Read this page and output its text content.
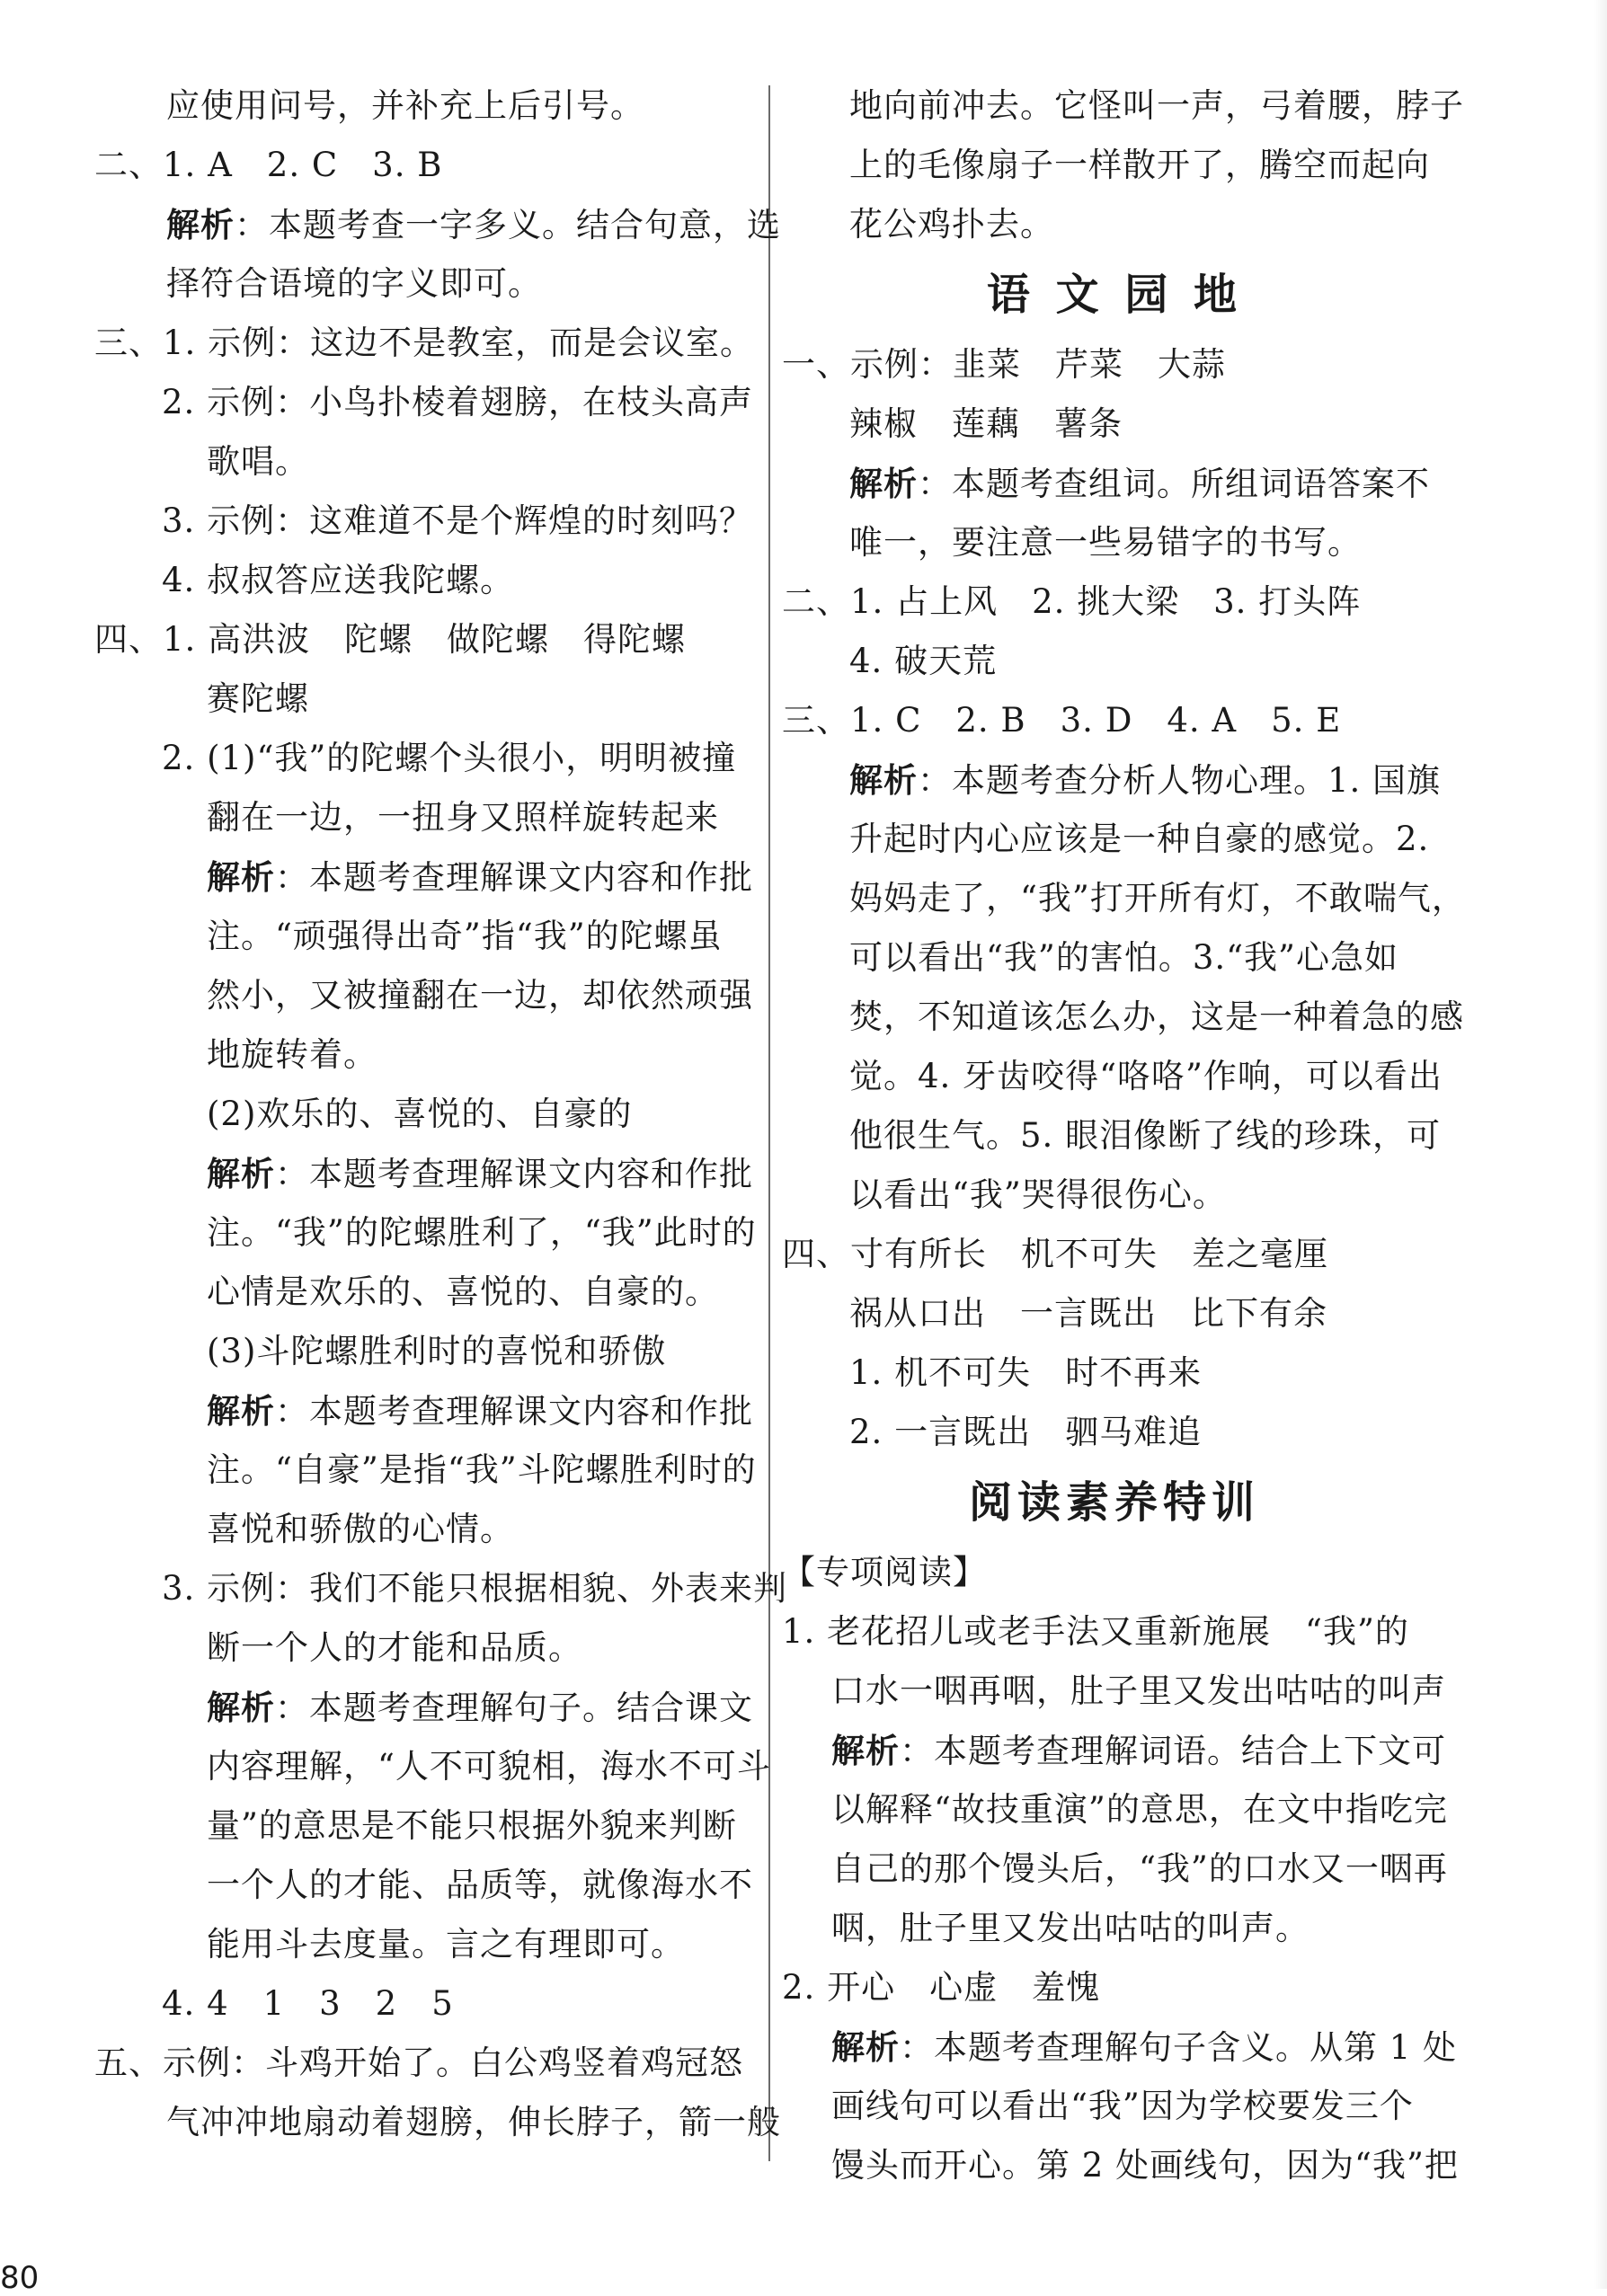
应使用问号，并补充上后引号。
二、1. A　2. C　3. B
解析：本题考查一字多义。结合句意，选
择符合语境的字义即可。
三、1. 示例：这边不是教室，而是会议室。
2. 示例：小鸟扑棱着翅膀，在枝头高声
歌唱。
3. 示例：这难道不是个辉煌的时刻吗？
4. 叔叔答应送我陀螺。
四、1. 高洪波　陀螺　做陀螺　得陀螺
赛陀螺
2. (1)“我”的陀螺个头很小，明明被撞
翻在一边，一扭身又照样旋转起来
解析：本题考查理解课文内容和作批
注。“顽强得出奇”指“我”的陀螺虽
然小，又被撞翻在一边，却依然顽强
地旋转着。
(2)欢乐的、喜悦的、自豪的
解析：本题考查理解课文内容和作批
注。“我”的陀螺胜利了，“我”此时的
心情是欢乐的、喜悦的、自豪的。
(3)斗陀螺胜利时的喜悦和骄傲
解析：本题考查理解课文内容和作批
注。“自豪”是指“我”斗陀螺胜利时的
喜悦和骄傲的心情。
3. 示例：我们不能只根据相貌、外表来判
断一个人的才能和品质。
解析：本题考查理解句子。结合课文
内容理解，“人不可貌相，海水不可斗
量”的意思是不能只根据外貌来判断
一个人的才能、品质等，就像海水不
能用斗去度量。言之有理即可。
4. 4　1　3　2　5
五、示例：斗鸡开始了。白公鸡竖着鸡冠怒
气冲冲地扇动着翅膀，伸长脖子，箭一般
地向前冲去。它怪叫一声，弓着腰，脖子
上的毛像扇子一样散开了，腾空而起向
花公鸡扑去。
语 文 园 地
一、示例：韭菜　芹菜　大蒜
辣椒　莲藕　薯条
解析：本题考查组词。所组词语答案不
唯一，要注意一些易错字的书写。
二、1. 占上风　2. 挑大梁　3. 打头阵
4. 破天荒
三、1. C　2. B　3. D　4. A　5. E
解析：本题考查分析人物心理。1. 国旗
升起时内心应该是一种自豪的感觉。2.
妈妈走了，“我”打开所有灯，不敢喘气，
可以看出“我”的害怕。3.“我”心急如
焚，不知道该怎么办，这是一种着急的感
觉。4. 牙齿咬得“咯咯”作响，可以看出
他很生气。5. 眼泪像断了线的珍珠，可
以看出“我”哭得很伤心。
四、寸有所长　机不可失　差之毫厘
祸从口出　一言既出　比下有余
1. 机不可失　时不再来
2. 一言既出　驷马难追
阅读素养特训
【专项阅读】
1. 老花招儿或老手法又重新施展　“我”的
口水一咽再咽，肚子里又发出咕咕的叫声
解析：本题考查理解词语。结合上下文可
以解释“故技重演”的意思，在文中指吃完
自己的那个馒头后，“我”的口水又一咽再
咽，肚子里又发出咕咕的叫声。
2. 开心　心虚　羞愧
解析：本题考查理解句子含义。从第 1 处
画线句可以看出“我”因为学校要发三个
馒头而开心。第 2 处画线句，因为“我”把
80
